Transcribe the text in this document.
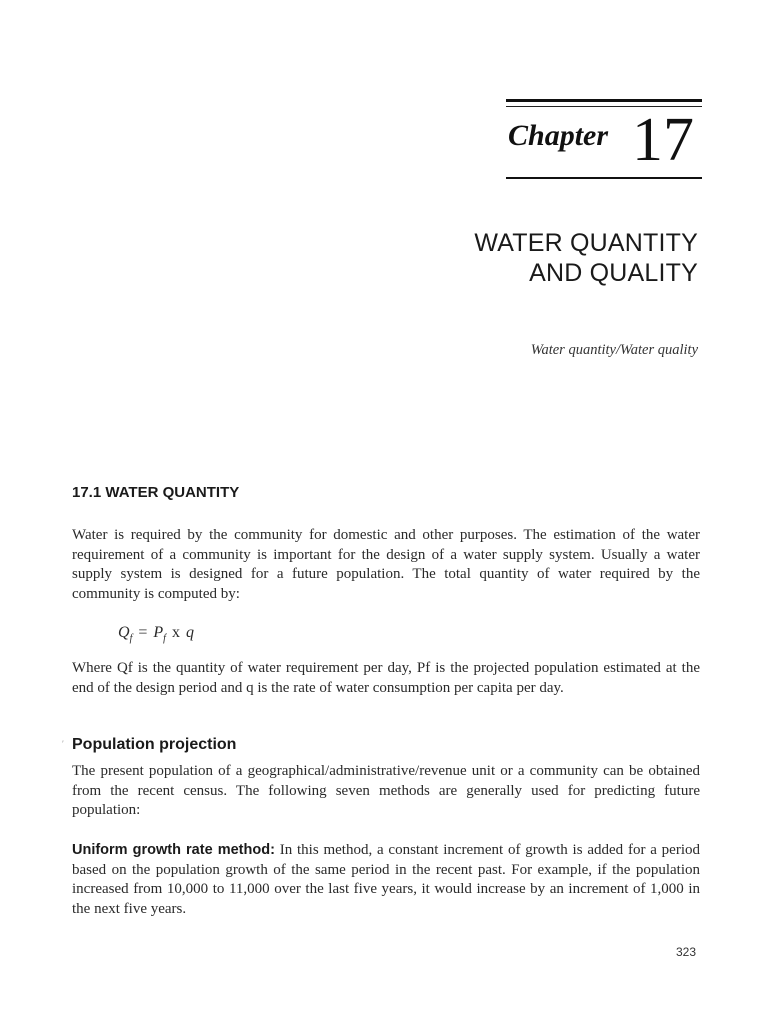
Chapter 17
WATER QUANTITY
AND QUALITY
Water quantity/Water quality
17.1 WATER QUANTITY
Water is required by the community for domestic and other purposes. The estimation of the water requirement of a community is important for the design of a water supply system. Usually a water supply system is designed for a future population. The total quantity of water required by the community is computed by:
$Q_f = P_f$ x q
Where Qf is the quantity of water requirement per day, Pf is the projected population estimated at the end of the design period and q is the rate of water consumption per capita per day.
′ Population projection
The present population of a geographical/administrative/revenue unit or a community can be obtained from the recent census. The following seven methods are generally used for predicting future population:
Uniform growth rate method: In this method, a constant increment of growth is added for a period based on the population growth of the same period in the recent past. For example, if the population increased from 10,000 to 11,000 over the last five years, it would increase by an increment of 1,000 in the next five years.
323
